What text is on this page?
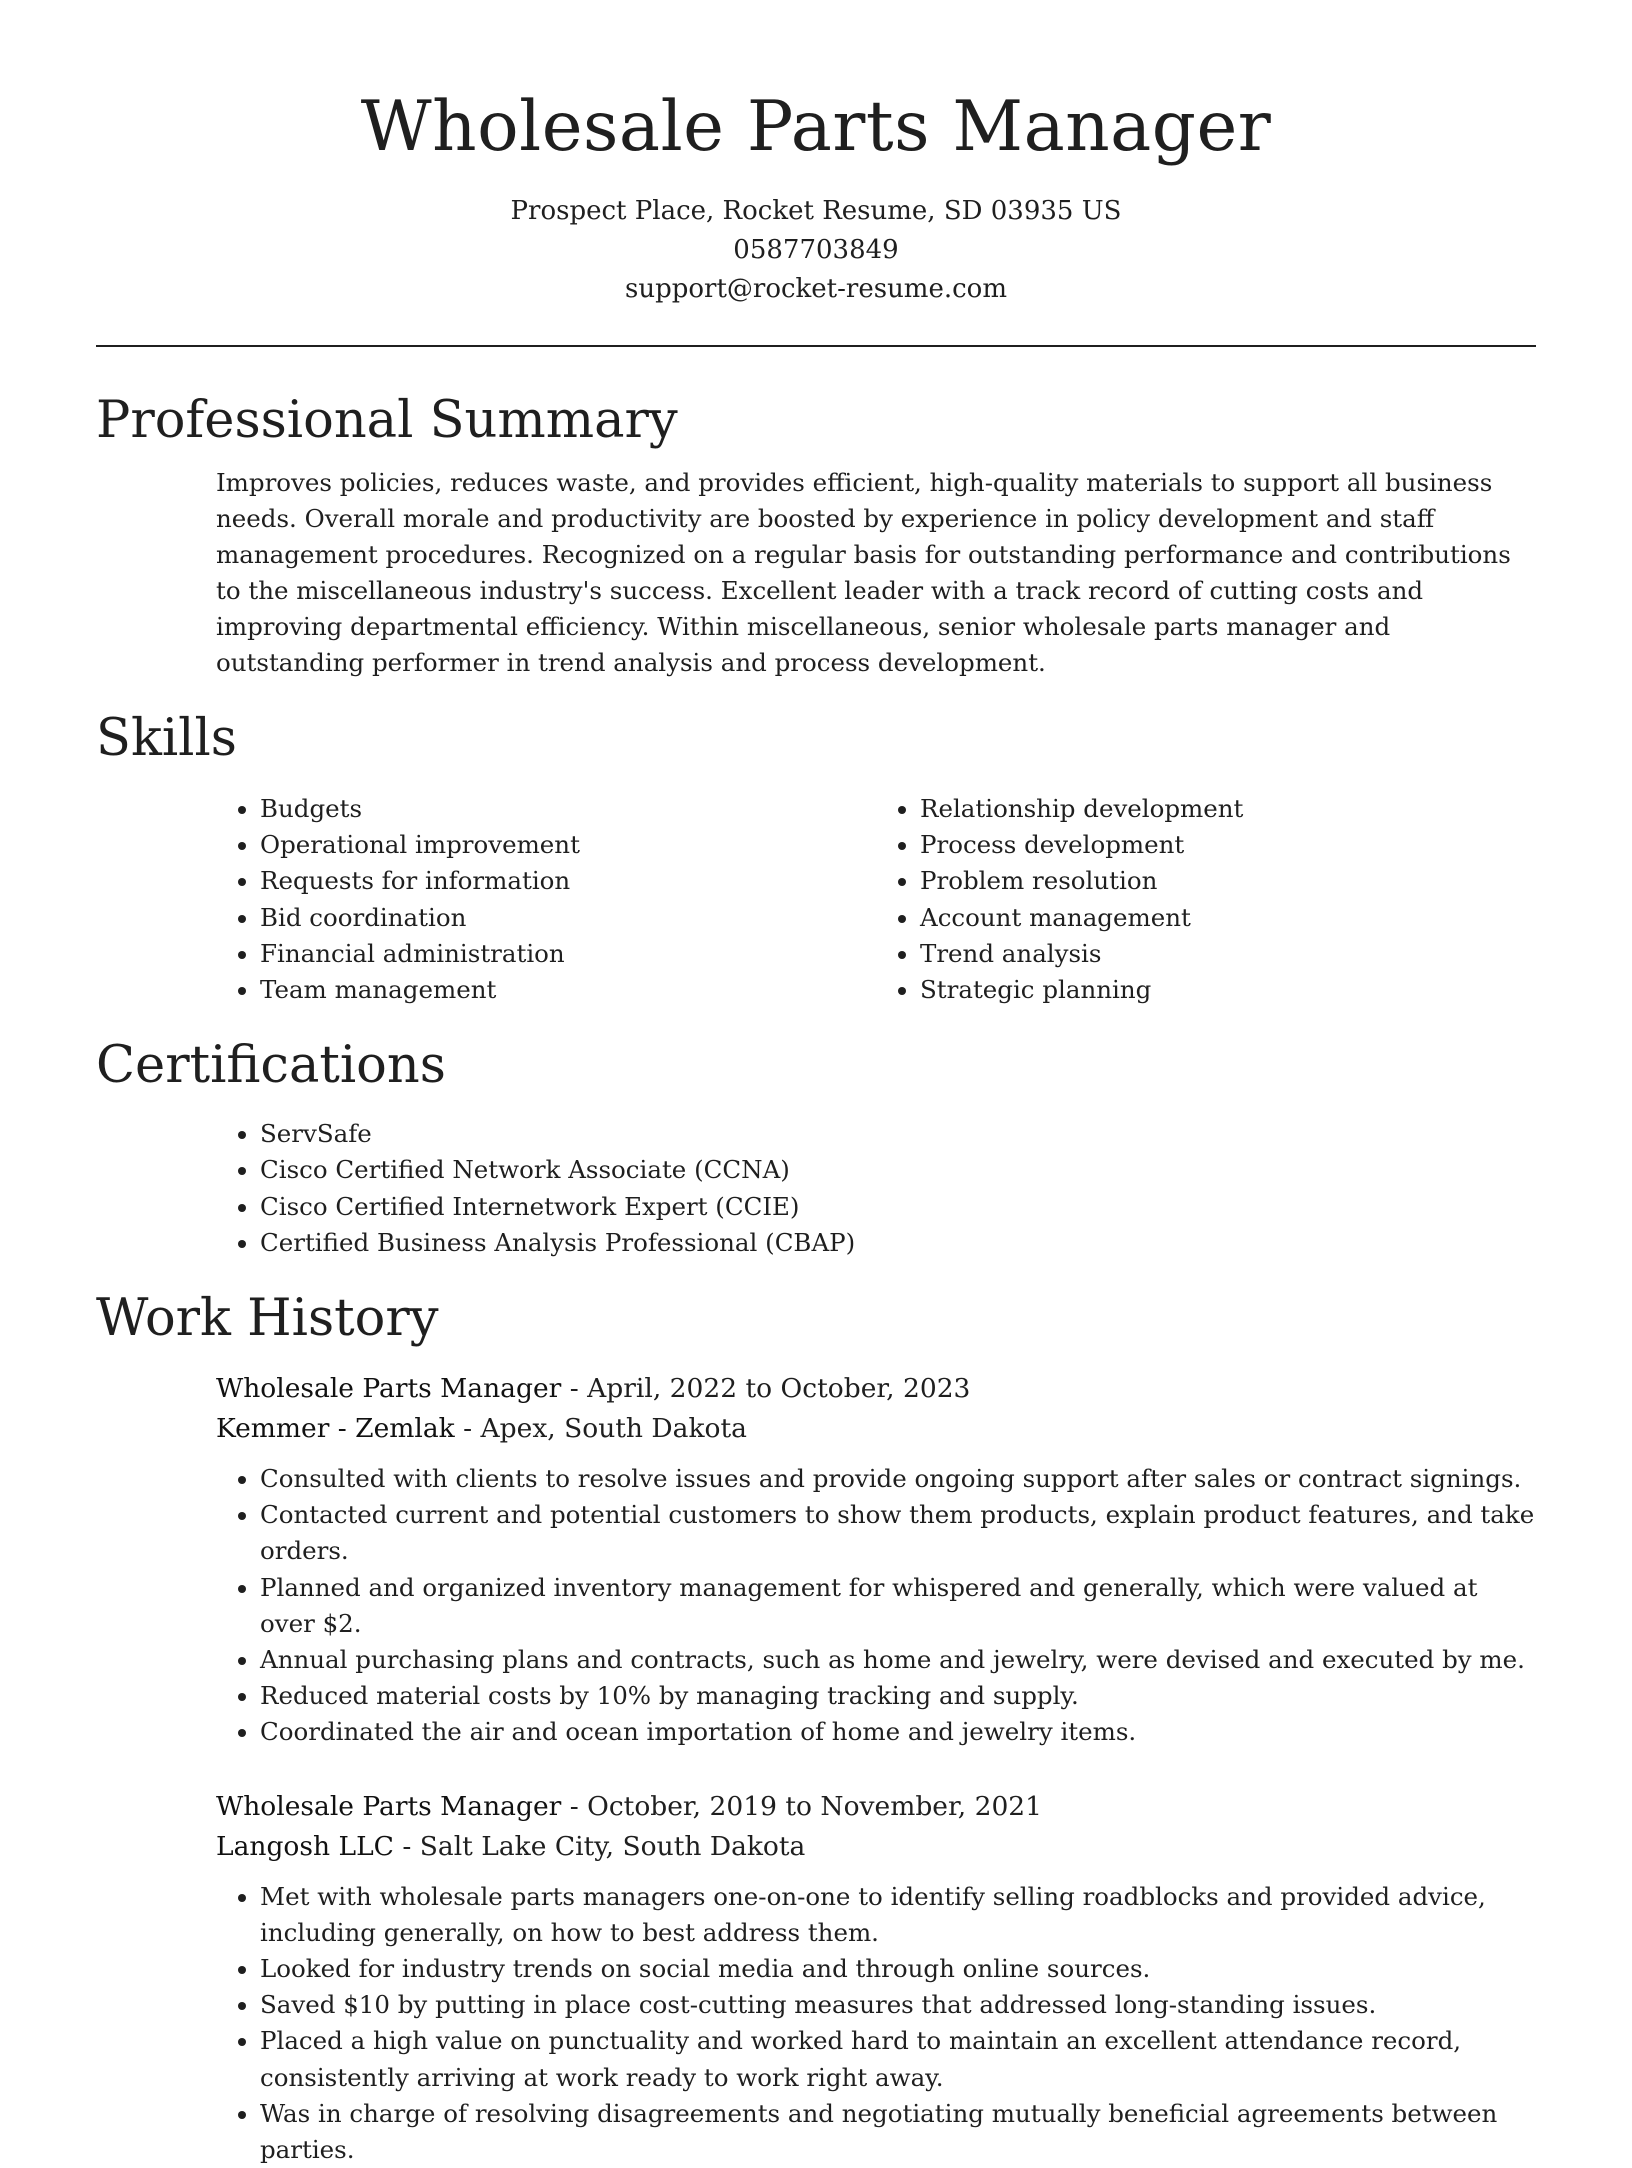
Wholesale Parts Manager
Prospect Place, Rocket Resume, SD 03935 US
0587703849
support@rocket-resume.com
Professional Summary

Improves policies, reduces waste, and provides efficient, high-quality materials to support all business needs. Overall morale and productivity are boosted by experience in policy development and staff management procedures. Recognized on a regular basis for outstanding performance and contributions to the miscellaneous industry's success. Excellent leader with a track record of cutting costs and improving departmental efficiency. Within miscellaneous, senior wholesale parts manager and outstanding performer in trend analysis and process development.

Skills
• Budgets
• Operational improvement
• Requests for information
• Bid coordination
• Financial administration
• Team management
• Relationship development
• Process development
• Problem resolution
• Account management
• Trend analysis
• Strategic planning
Certifications
• ServSafe
• Cisco Certified Network Associate (CCNA)
• Cisco Certified Internetwork Expert (CCIE)
• Certified Business Analysis Professional (CBAP)
Work History
Wholesale Parts Manager - April, 2022 to October, 2023
Kemmer - Zemlak - Apex, South Dakota
• Consulted with clients to resolve issues and provide ongoing support after sales or contract signings.
• Contacted current and potential customers to show them products, explain product features, and take orders.
• Planned and organized inventory management for whispered and generally, which were valued at over $2.
• Annual purchasing plans and contracts, such as home and jewelry, were devised and executed by me.
• Reduced material costs by 10% by managing tracking and supply.
• Coordinated the air and ocean importation of home and jewelry items.
Wholesale Parts Manager - October, 2019 to November, 2021
Langosh LLC - Salt Lake City, South Dakota
• Met with wholesale parts managers one-on-one to identify selling roadblocks and provided advice, including generally, on how to best address them.
• Looked for industry trends on social media and through online sources.
• Saved $10 by putting in place cost-cutting measures that addressed long-standing issues.
• Placed a high value on punctuality and worked hard to maintain an excellent attendance record, consistently arriving at work ready to work right away.
• Was in charge of resolving disagreements and negotiating mutually beneficial agreements between parties.
